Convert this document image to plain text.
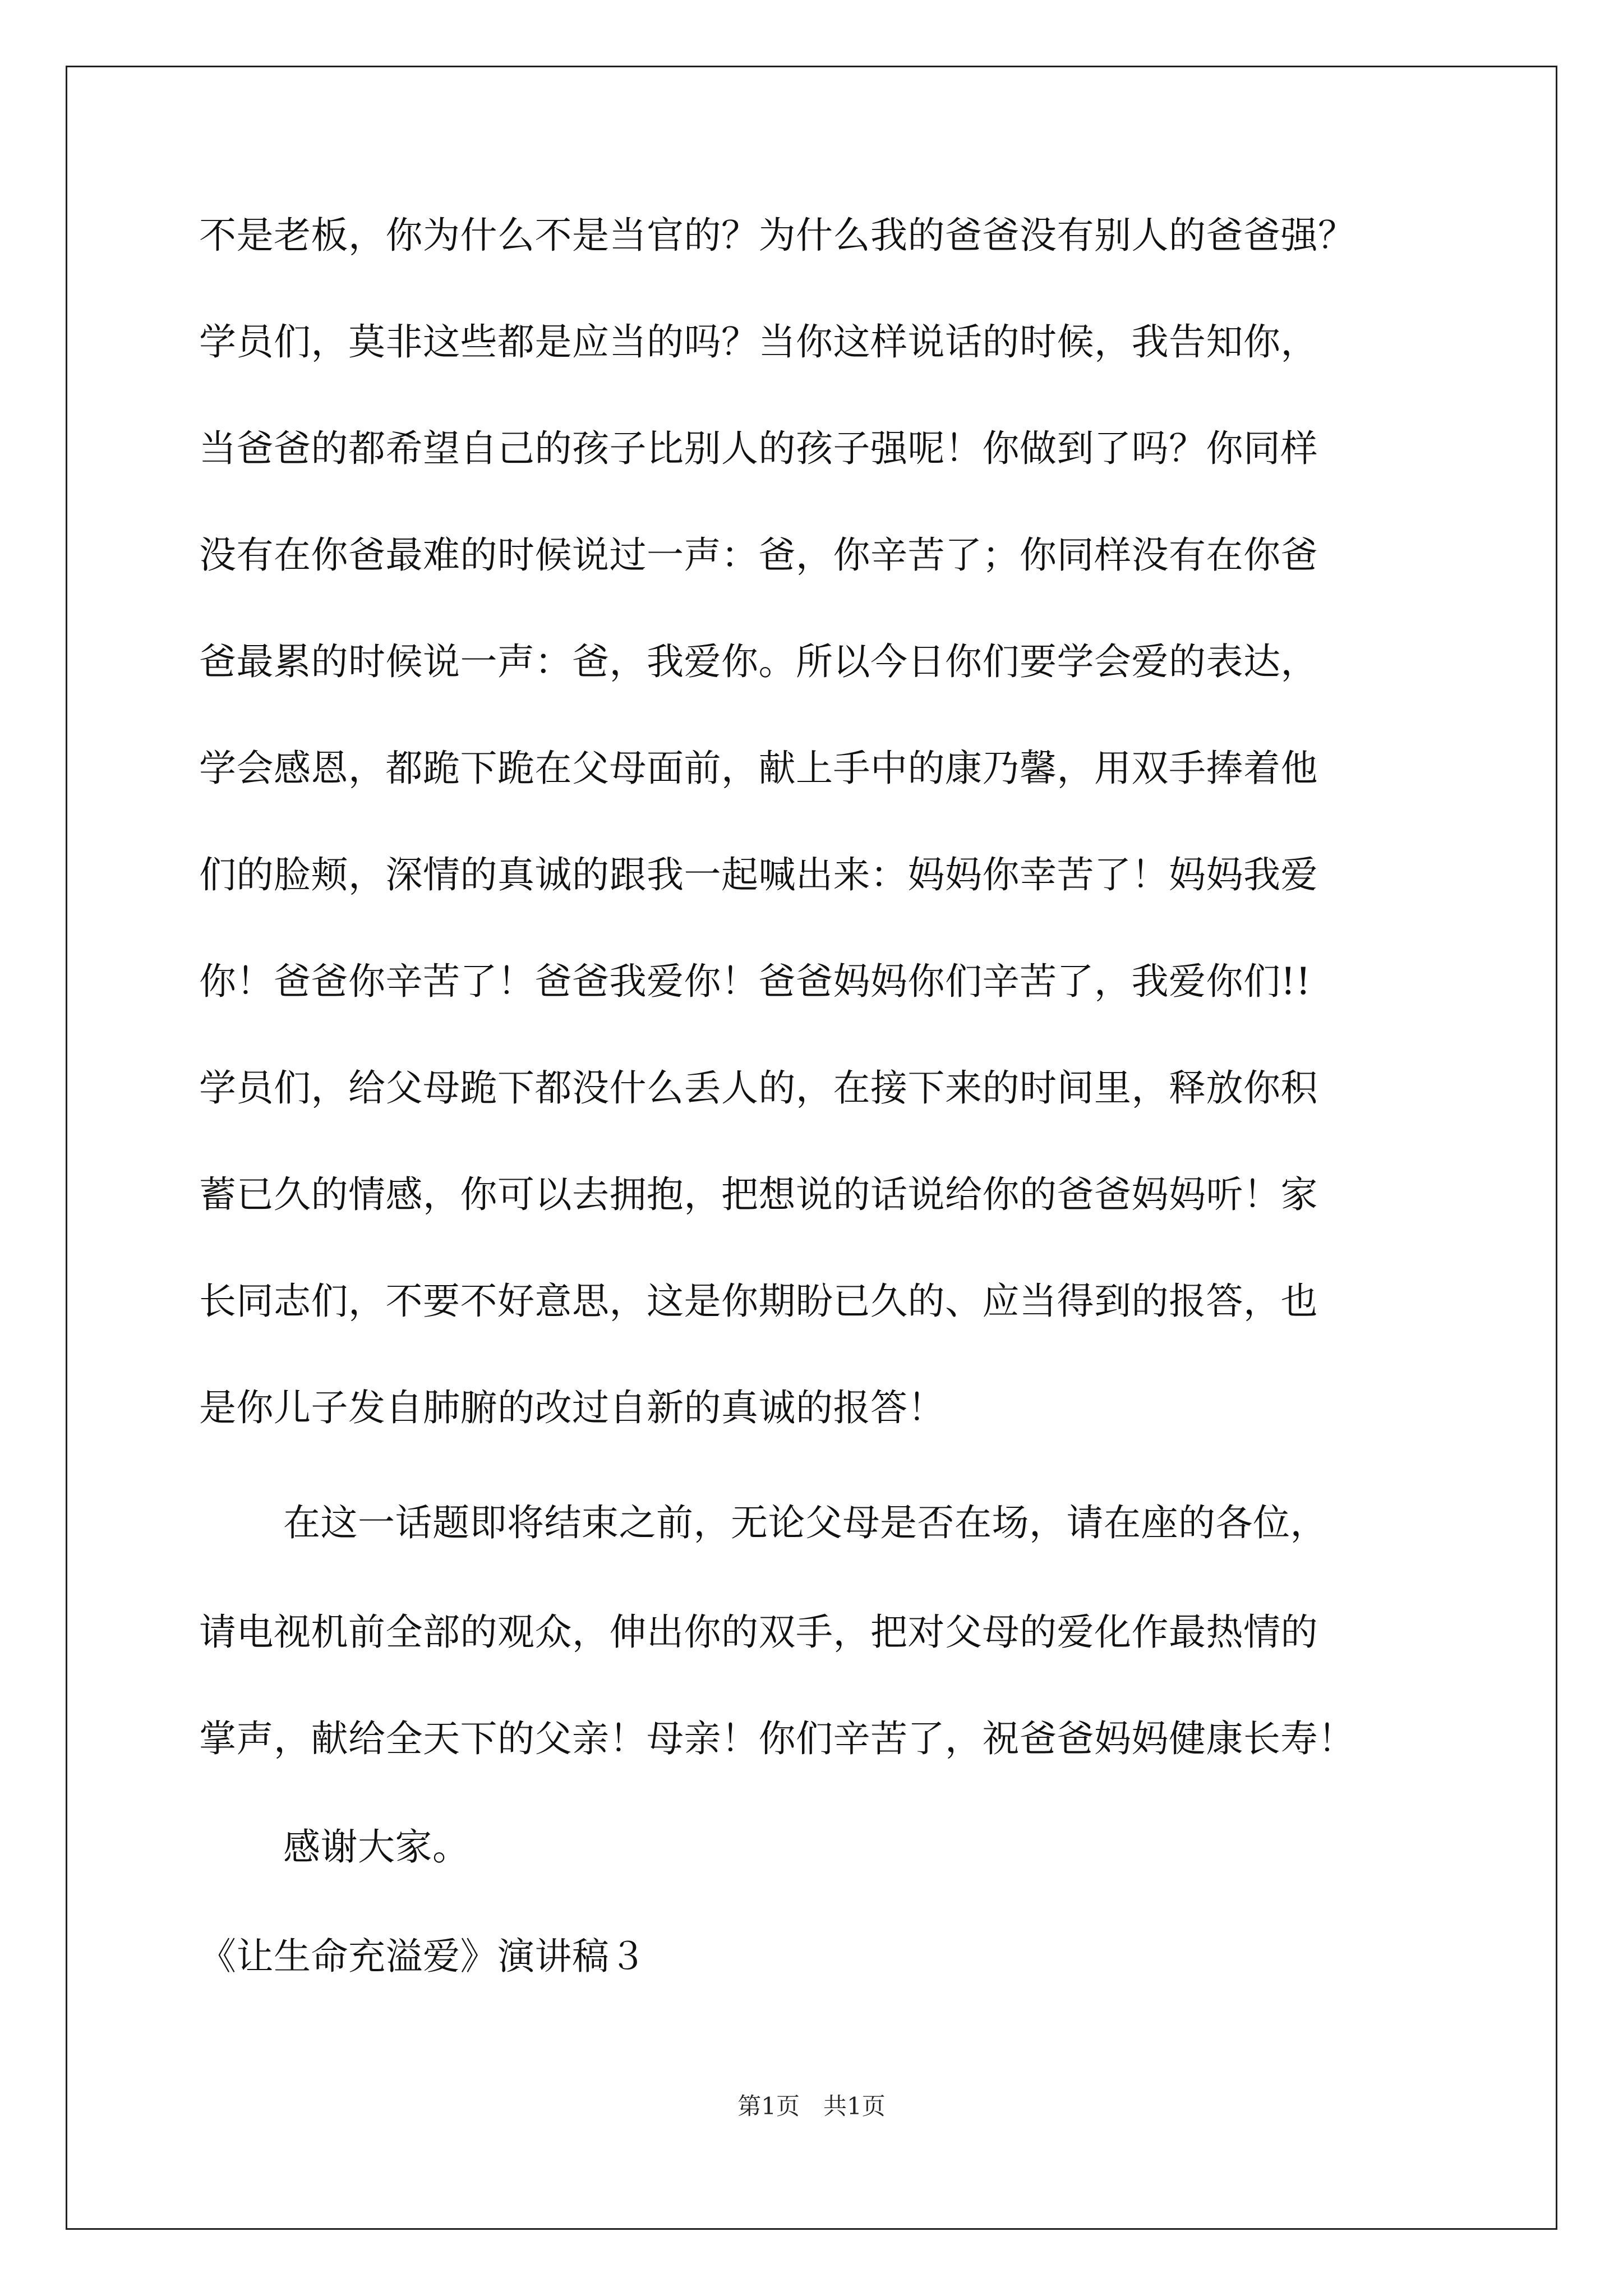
不是老板，你为什么不是当官的？为什么我的爸爸没有别人的爸爸强？
学员们，莫非这些都是应当的吗？当你这样说话的时候，我告知你，
当爸爸的都希望自己的孩子比别人的孩子强呢！你做到了吗？你同样
没有在你爸最难的时候说过一声：爸，你辛苦了；你同样没有在你爸
爸最累的时候说一声：爸，我爱你。所以今日你们要学会爱的表达，
学会感恩，都跪下跪在父母面前，献上手中的康乃馨，用双手捧着他
们的脸颊，深情的真诚的跟我一起喊出来：妈妈你幸苦了！妈妈我爱
你！爸爸你辛苦了！爸爸我爱你！爸爸妈妈你们辛苦了，我爱你们!!
学员们，给父母跪下都没什么丢人的，在接下来的时间里，释放你积
蓄已久的情感，你可以去拥抱，把想说的话说给你的爸爸妈妈听！家
长同志们，不要不好意思，这是你期盼已久的、应当得到的报答，也
是你儿子发自肺腑的改过自新的真诚的报答！
在这一话题即将结束之前，无论父母是否在场，请在座的各位，
请电视机前全部的观众，伸出你的双手，把对父母的爱化作最热情的
掌声，献给全天下的父亲！母亲！你们辛苦了，祝爸爸妈妈健康长寿！
感谢大家。
《让生命充溢爱》演讲稿３
第1页　共1页
